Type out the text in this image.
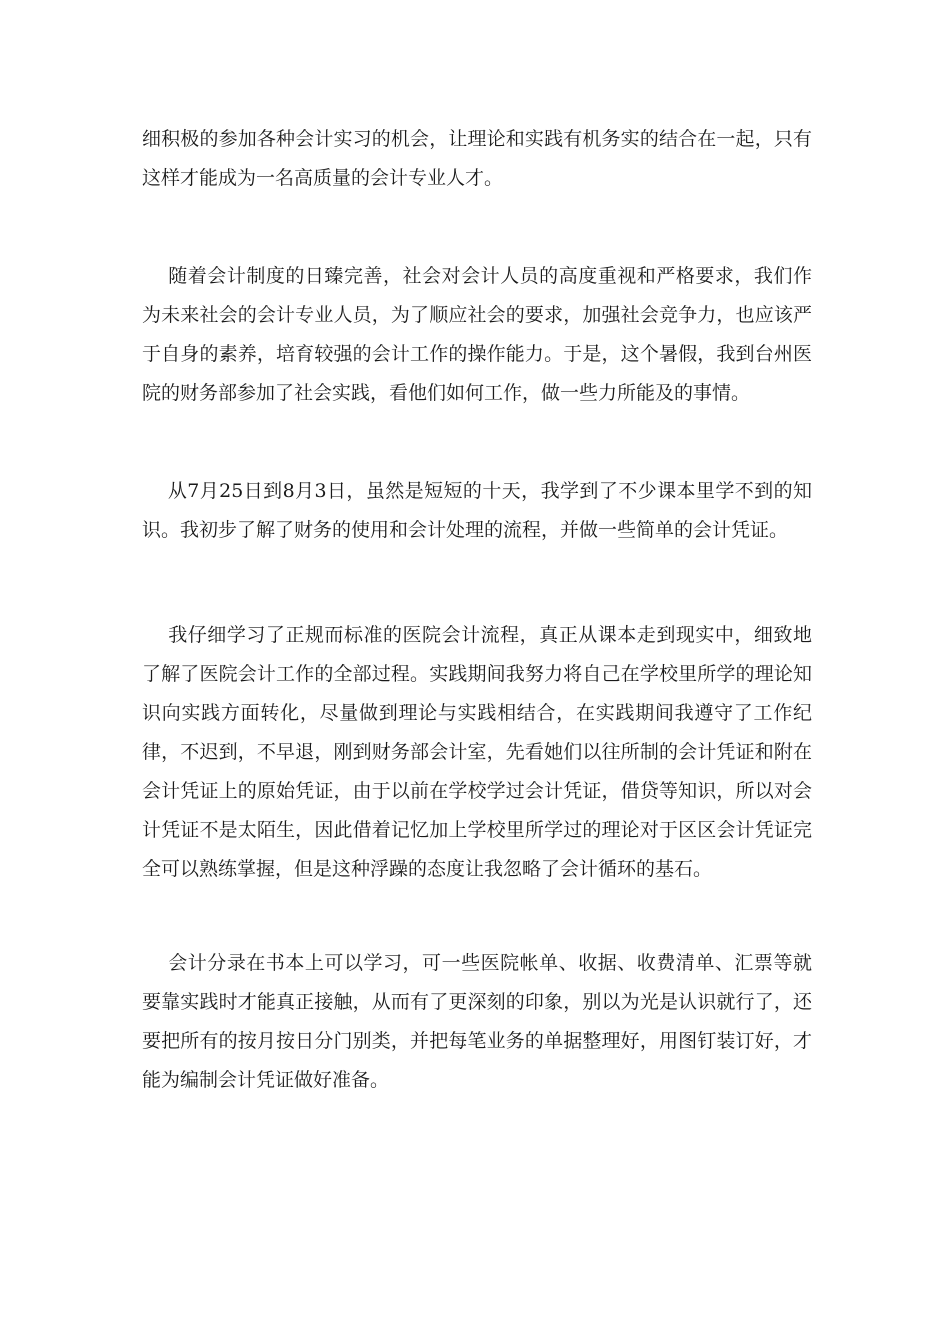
细积极的参加各种会计实习的机会，让理论和实践有机务实的结合在一起，只有这样才能成为一名高质量的会计专业人才。

随着会计制度的日臻完善，社会对会计人员的高度重视和严格要求，我们作为未来社会的会计专业人员，为了顺应社会的要求，加强社会竞争力，也应该严于自身的素养，培育较强的会计工作的操作能力。于是，这个暑假，我到台州医院的财务部参加了社会实践，看他们如何工作，做一些力所能及的事情。

从7月25日到8月3日，虽然是短短的十天，我学到了不少课本里学不到的知识。我初步了解了财务的使用和会计处理的流程，并做一些简单的会计凭证。

我仔细学习了正规而标准的医院会计流程，真正从课本走到现实中，细致地了解了医院会计工作的全部过程。实践期间我努力将自己在学校里所学的理论知识向实践方面转化，尽量做到理论与实践相结合，在实践期间我遵守了工作纪律，不迟到，不早退，刚到财务部会计室，先看她们以往所制的会计凭证和附在会计凭证上的原始凭证，由于以前在学校学过会计凭证，借贷等知识，所以对会计凭证不是太陌生，因此借着记忆加上学校里所学过的理论对于区区会计凭证完全可以熟练掌握，但是这种浮躁的态度让我忽略了会计循环的基石。

会计分录在书本上可以学习，可一些医院帐单、收据、收费清单、汇票等就要靠实践时才能真正接触，从而有了更深刻的印象，别以为光是认识就行了，还要把所有的按月按日分门别类，并把每笔业务的单据整理好，用图钉装订好，才能为编制会计凭证做好准备。
